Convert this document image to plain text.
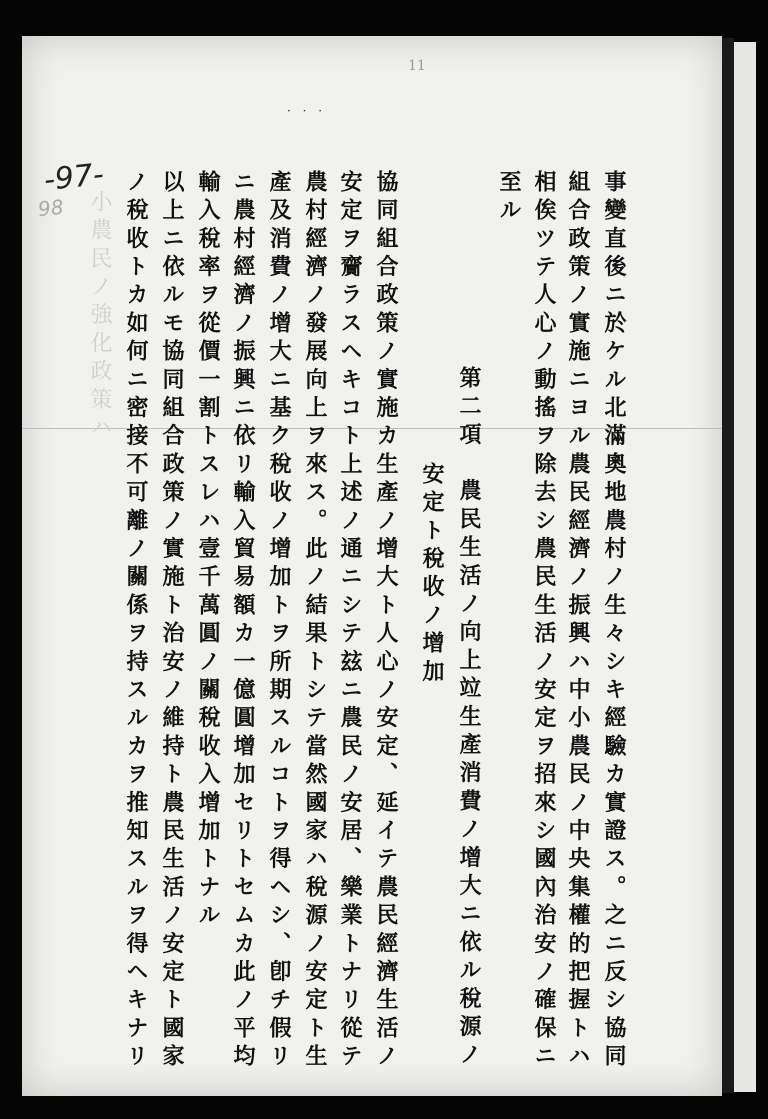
11
· · ·
-97-
98	事變直後ニ於ケル北滿奧地農村ノ生々シキ經驗カ實證ス。之ニ反シ協同
組合政策ノ實施ニヨル農民經濟ノ振興ハ中小農民ノ中央集權的把握トハ
相俟ツテ人心ノ動搖ヲ除去シ農民生活ノ安定ヲ招來シ國內治安ノ確保ニ
至ル
第二項　農民生活ノ向上竝生產消費ノ增大ニ依ル稅源ノ
安定ト稅收ノ增加
協同組合政策ノ實施カ生產ノ增大ト人心ノ安定、延イテ農民經濟生活ノ
安定ヲ齎ラスヘキコト上述ノ通ニシテ玆ニ農民ノ安居、樂業トナリ從テ
農村經濟ノ發展向上ヲ來ス。此ノ結果トシテ當然國家ハ稅源ノ安定ト生
產及消費ノ增大ニ基ク稅收ノ增加トヲ所期スルコトヲ得ヘシ、卽チ假リ
ニ農村經濟ノ振興ニ依リ輸入貿易額カ一億圓增加セリトセムカ此ノ平均
輸入稅率ヲ從價一割トスレハ壹千萬圓ノ關稅收入增加トナル
以上ニ依ルモ協同組合政策ノ實施ト治安ノ維持ト農民生活ノ安定ト國家
ノ稅收トカ如何ニ密接不可離ノ關係ヲ持スルカヲ推知スルヲ得ヘキナリ
小農民ノ強化政策ハ
